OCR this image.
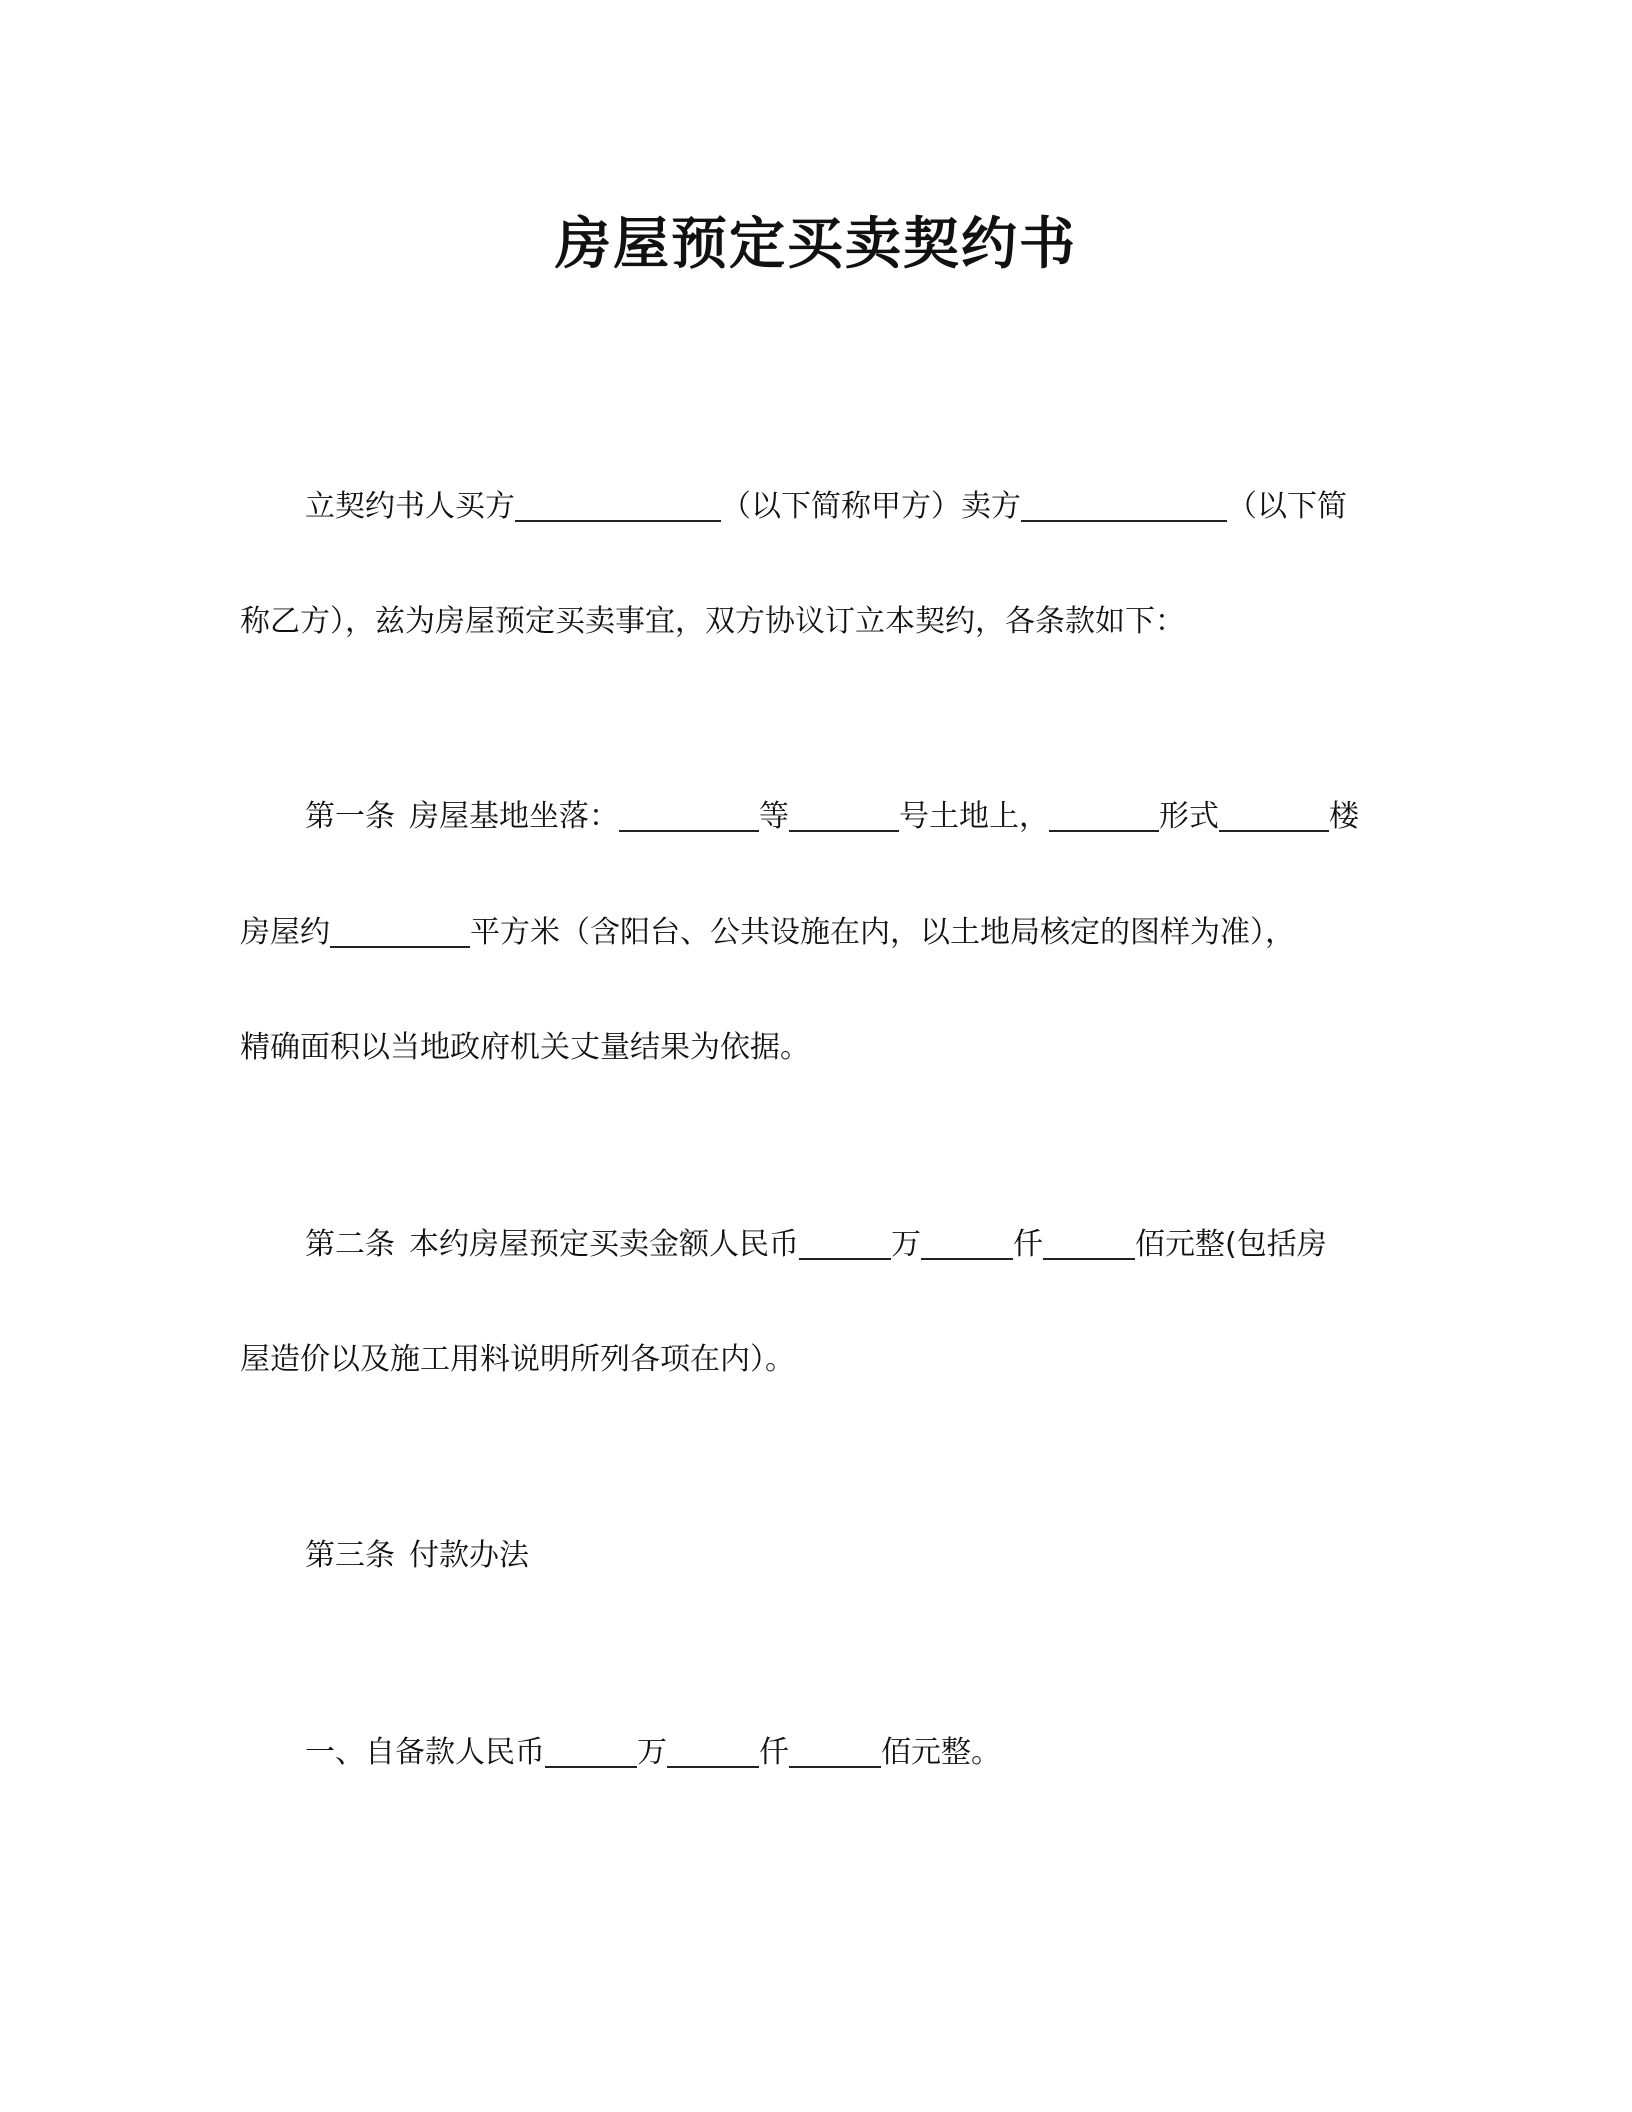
房屋预定买卖契约书
立契约书人买方	（以下简称甲方）卖方	（以下简
称乙方），兹为房屋预定买卖事宜，双方协议订立本契约，各条款如下：
第一条 房屋基地坐落：	等	号土地上，	形式	楼
房屋约	平方米（含阳台、公共设施在内，以土地局核定的图样为准），
精确面积以当地政府机关丈量结果为依据。
第二条 本约房屋预定买卖金额人民币	万	仟	佰元整(包括房
屋造价以及施工用料说明所列各项在内）。
第三条 付款办法
一、自备款人民币	万	仟	佰元整。
